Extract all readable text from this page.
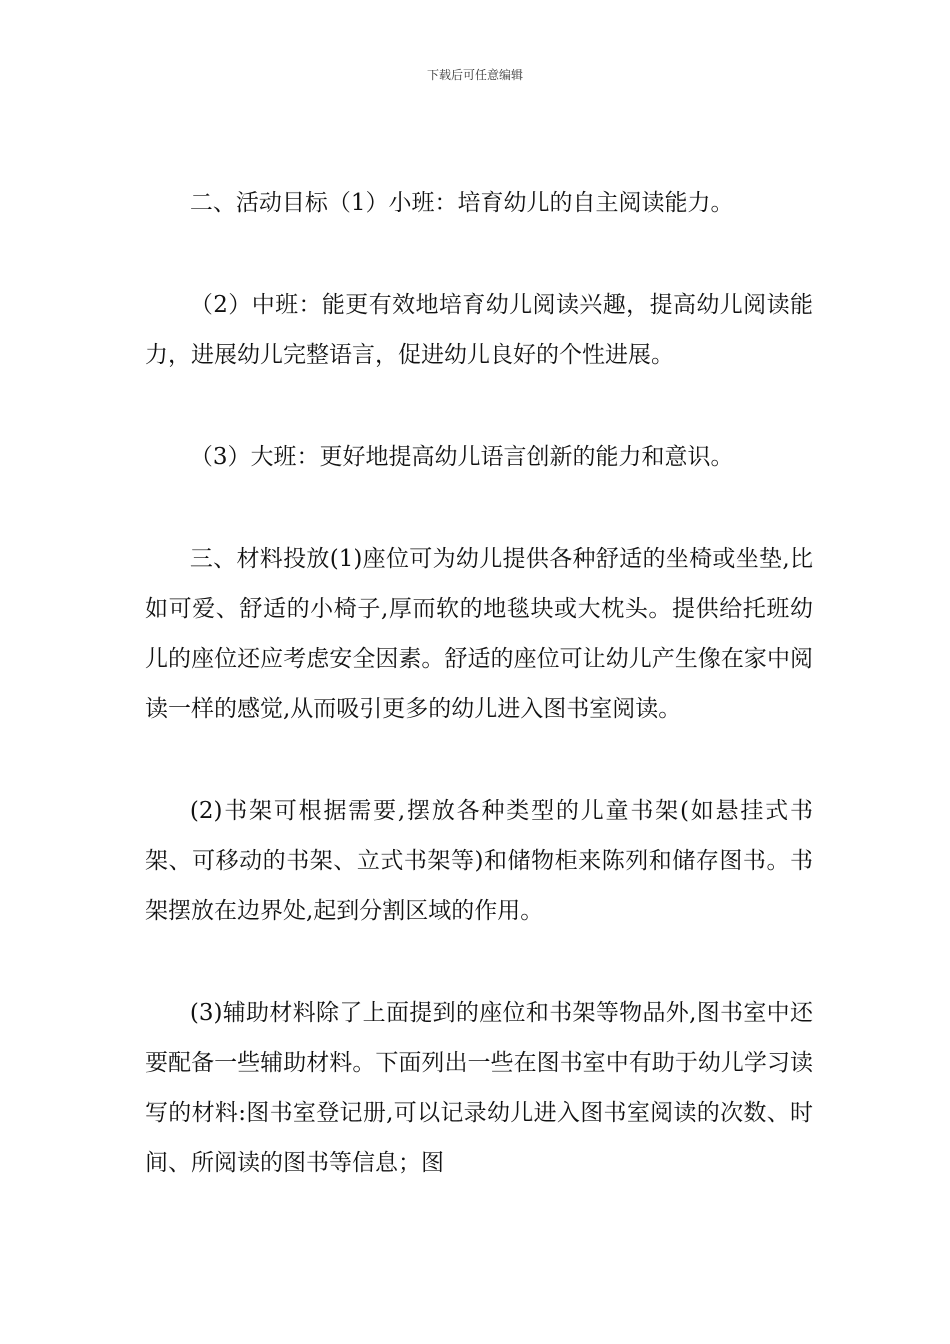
下载后可任意编辑

二、活动目标（1）小班：培育幼儿的自主阅读能力。

（2）中班：能更有效地培育幼儿阅读兴趣，提高幼儿阅读能力，进展幼儿完整语言，促进幼儿良好的个性进展。

（3）大班：更好地提高幼儿语言创新的能力和意识。

三、材料投放(1)座位可为幼儿提供各种舒适的坐椅或坐垫,比如可爱、舒适的小椅子,厚而软的地毯块或大枕头。提供给托班幼儿的座位还应考虑安全因素。舒适的座位可让幼儿产生像在家中阅读一样的感觉,从而吸引更多的幼儿进入图书室阅读。

(2)书架可根据需要,摆放各种类型的儿童书架(如悬挂式书架、可移动的书架、立式书架等)和储物柜来陈列和储存图书。书架摆放在边界处,起到分割区域的作用。

(3)辅助材料除了上面提到的座位和书架等物品外,图书室中还要配备一些辅助材料。下面列出一些在图书室中有助于幼儿学习读写的材料:图书室登记册,可以记录幼儿进入图书室阅读的次数、时间、所阅读的图书等信息；图
